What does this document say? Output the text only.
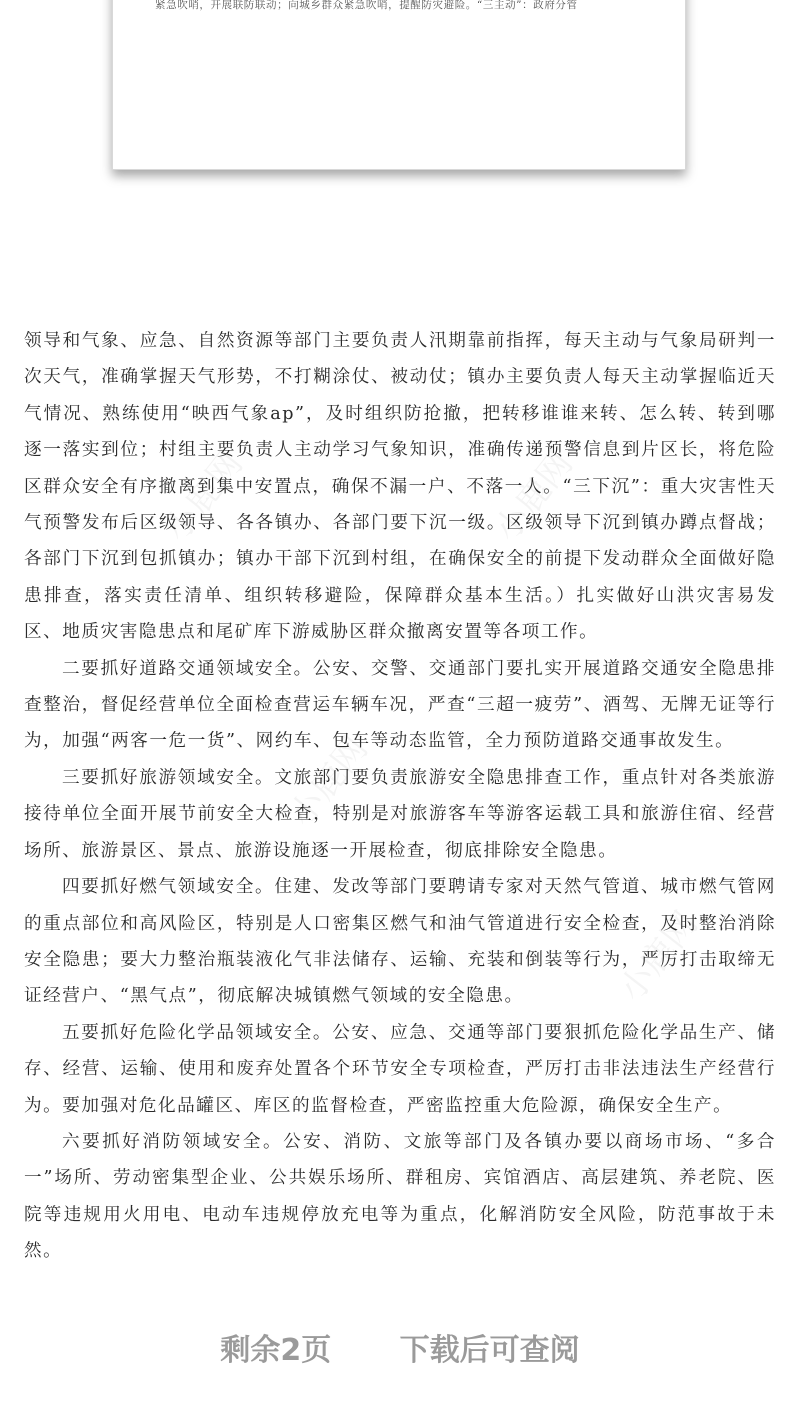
紧急吹哨，开展联防联动；向城乡群众紧急吹哨，提醒防灾避险。“三主动”：政府分管
小鹿网	小鹿网
小鹿网
小鹿网

领导和气象、应急、自然资源等部门主要负责人汛期靠前指挥，每天主动与气象局研判一次天气，准确掌握天气形势，不打糊涂仗、被动仗；镇办主要负责人每天主动掌握临近天气情况、熟练使用“映西气象ap”，及时组织防抢撤，把转移谁谁来转、怎么转、转到哪逐一落实到位；村组主要负责人主动学习气象知识，准确传递预警信息到片区长，将危险区群众安全有序撤离到集中安置点，确保不漏一户、不落一人。“三下沉”：重大灾害性天气预警发布后区级领导、各各镇办、各部门要下沉一级。区级领导下沉到镇办蹲点督战；各部门下沉到包抓镇办；镇办干部下沉到村组，在确保安全的前提下发动群众全面做好隐患排查，落实责任清单、组织转移避险，保障群众基本生活。）扎实做好山洪灾害易发区、地质灾害隐患点和尾矿库下游威胁区群众撤离安置等各项工作。

二要抓好道路交通领域安全。公安、交警、交通部门要扎实开展道路交通安全隐患排查整治，督促经营单位全面检查营运车辆车况，严查“三超一疲劳”、酒驾、无牌无证等行为，加强“两客一危一货”、网约车、包车等动态监管，全力预防道路交通事故发生。

三要抓好旅游领域安全。文旅部门要负责旅游安全隐患排查工作，重点针对各类旅游接待单位全面开展节前安全大检查，特别是对旅游客车等游客运载工具和旅游住宿、经营场所、旅游景区、景点、旅游设施逐一开展检查，彻底排除安全隐患。

四要抓好燃气领域安全。住建、发改等部门要聘请专家对天然气管道、城市燃气管网的重点部位和高风险区，特别是人口密集区燃气和油气管道进行安全检查，及时整治消除安全隐患；要大力整治瓶装液化气非法储存、运输、充装和倒装等行为，严厉打击取缔无证经营户、“黑气点”，彻底解决城镇燃气领域的安全隐患。

五要抓好危险化学品领域安全。公安、应急、交通等部门要狠抓危险化学品生产、储存、经营、运输、使用和废弃处置各个环节安全专项检查，严厉打击非法违法生产经营行为。要加强对危化品罐区、库区的监督检查，严密监控重大危险源，确保安全生产。

六要抓好消防领域安全。公安、消防、文旅等部门及各镇办要以商场市场、“多合一”场所、劳动密集型企业、公共娱乐场所、群租房、宾馆酒店、高层建筑、养老院、医院等违规用火用电、电动车违规停放充电等为重点，化解消防安全风险，防范事故于未然。

剩余2页 下载后可查阅
